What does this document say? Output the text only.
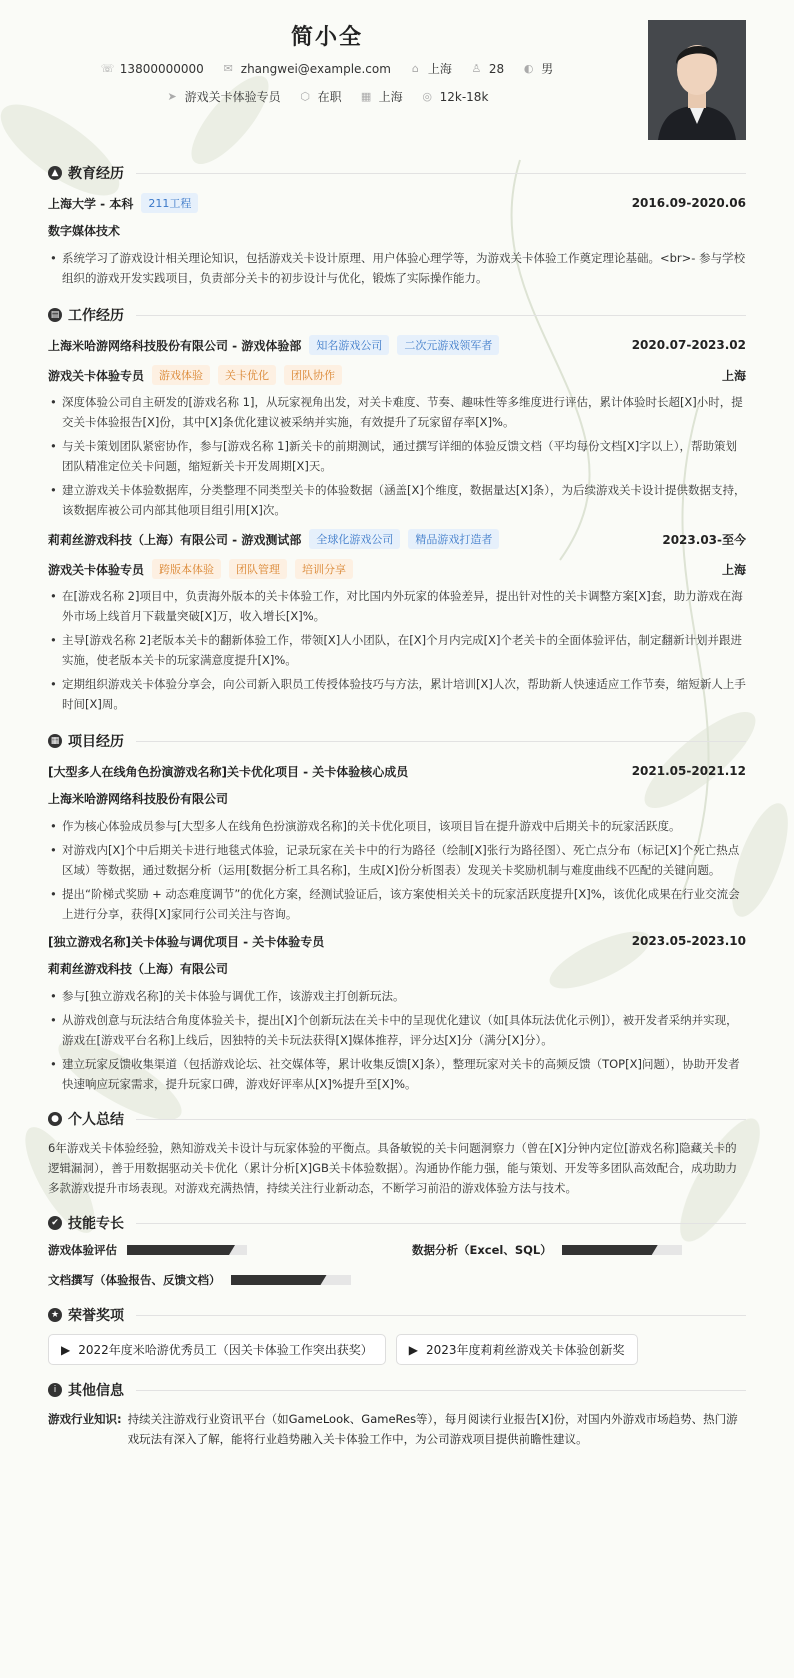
简小全
☏ 13800000000 ✉ zhangwei@example.com ⌂ 上海 ♙ 28 ◐ 男
➤ 游戏关卡体验专员 ⬡ 在职 ▦ 上海 ◎ 12k-18k
▲ 教育经历
上海大学 - 本科	211工程	2016.09-2020.06
数字媒体技术
• 系统学习了游戏设计相关理论知识，包括游戏关卡设计原理、用户体验心理学等，为游戏关卡体验工作奠定理论基础。<br>- 参与学校组织的游戏开发实践项目，负责部分关卡的初步设计与优化，锻炼了实际操作能力。
▤ 工作经历
上海米哈游网络科技股份有限公司 - 游戏体验部	知名游戏公司	二次元游戏领军者	2020.07-2023.02
游戏关卡体验专员	游戏体验	关卡优化	团队协作	上海
• 深度体验公司自主研发的[游戏名称 1]，从玩家视角出发，对关卡难度、节奏、趣味性等多维度进行评估，累计体验时长超[X]小时，提交关卡体验报告[X]份，其中[X]条优化建议被采纳并实施，有效提升了玩家留存率[X]%。
• 与关卡策划团队紧密协作，参与[游戏名称 1]新关卡的前期测试，通过撰写详细的体验反馈文档（平均每份文档[X]字以上），帮助策划团队精准定位关卡问题，缩短新关卡开发周期[X]天。
• 建立游戏关卡体验数据库，分类整理不同类型关卡的体验数据（涵盖[X]个维度，数据量达[X]条），为后续游戏关卡设计提供数据支持，该数据库被公司内部其他项目组引用[X]次。
莉莉丝游戏科技（上海）有限公司 - 游戏测试部	全球化游戏公司	精品游戏打造者	2023.03-至今
游戏关卡体验专员	跨版本体验	团队管理	培训分享	上海
• 在[游戏名称 2]项目中，负责海外版本的关卡体验工作，对比国内外玩家的体验差异，提出针对性的关卡调整方案[X]套，助力游戏在海外市场上线首月下载量突破[X]万，收入增长[X]%。
• 主导[游戏名称 2]老版本关卡的翻新体验工作，带领[X]人小团队，在[X]个月内完成[X]个老关卡的全面体验评估，制定翻新计划并跟进实施，使老版本关卡的玩家满意度提升[X]%。
• 定期组织游戏关卡体验分享会，向公司新入职员工传授体验技巧与方法，累计培训[X]人次，帮助新人快速适应工作节奏，缩短新人上手时间[X]周。
▦ 项目经历
[大型多人在线角色扮演游戏名称]关卡优化项目 - 关卡体验核心成员	2021.05-2021.12
上海米哈游网络科技股份有限公司
• 作为核心体验成员参与[大型多人在线角色扮演游戏名称]的关卡优化项目，该项目旨在提升游戏中后期关卡的玩家活跃度。
• 对游戏内[X]个中后期关卡进行地毯式体验，记录玩家在关卡中的行为路径（绘制[X]张行为路径图）、死亡点分布（标记[X]个死亡热点区域）等数据，通过数据分析（运用[数据分析工具名称]，生成[X]份分析图表）发现关卡奖励机制与难度曲线不匹配的关键问题。
• 提出“阶梯式奖励 + 动态难度调节”的优化方案，经测试验证后，该方案使相关关卡的玩家活跃度提升[X]%，该优化成果在行业交流会上进行分享，获得[X]家同行公司关注与咨询。
[独立游戏名称]关卡体验与调优项目 - 关卡体验专员	2023.05-2023.10
莉莉丝游戏科技（上海）有限公司
• 参与[独立游戏名称]的关卡体验与调优工作，该游戏主打创新玩法。
• 从游戏创意与玩法结合角度体验关卡，提出[X]个创新玩法在关卡中的呈现优化建议（如[具体玩法优化示例]），被开发者采纳并实现，游戏在[游戏平台名称]上线后，因独特的关卡玩法获得[X]媒体推荐，评分达[X]分（满分[X]分）。
• 建立玩家反馈收集渠道（包括游戏论坛、社交媒体等，累计收集反馈[X]条），整理玩家对关卡的高频反馈（TOP[X]问题），协助开发者快速响应玩家需求，提升玩家口碑，游戏好评率从[X]%提升至[X]%。
● 个人总结
6年游戏关卡体验经验，熟知游戏关卡设计与玩家体验的平衡点。具备敏锐的关卡问题洞察力（曾在[X]分钟内定位[游戏名称]隐藏关卡的逻辑漏洞），善于用数据驱动关卡优化（累计分析[X]GB关卡体验数据）。沟通协作能力强，能与策划、开发等多团队高效配合，成功助力多款游戏提升市场表现。对游戏充满热情，持续关注行业新动态，不断学习前沿的游戏体验方法与技术。
✔ 技能专长
游戏体验评估	数据分析（Excel、SQL）
文档撰写（体验报告、反馈文档）
★ 荣誉奖项
▶ 2022年度米哈游优秀员工（因关卡体验工作突出获奖）	▶ 2023年度莉莉丝游戏关卡体验创新奖
i 其他信息
游戏行业知识: 持续关注游戏行业资讯平台（如GameLook、GameRes等），每月阅读行业报告[X]份，对国内外游戏市场趋势、热门游戏玩法有深入了解，能将行业趋势融入关卡体验工作中，为公司游戏项目提供前瞻性建议。
